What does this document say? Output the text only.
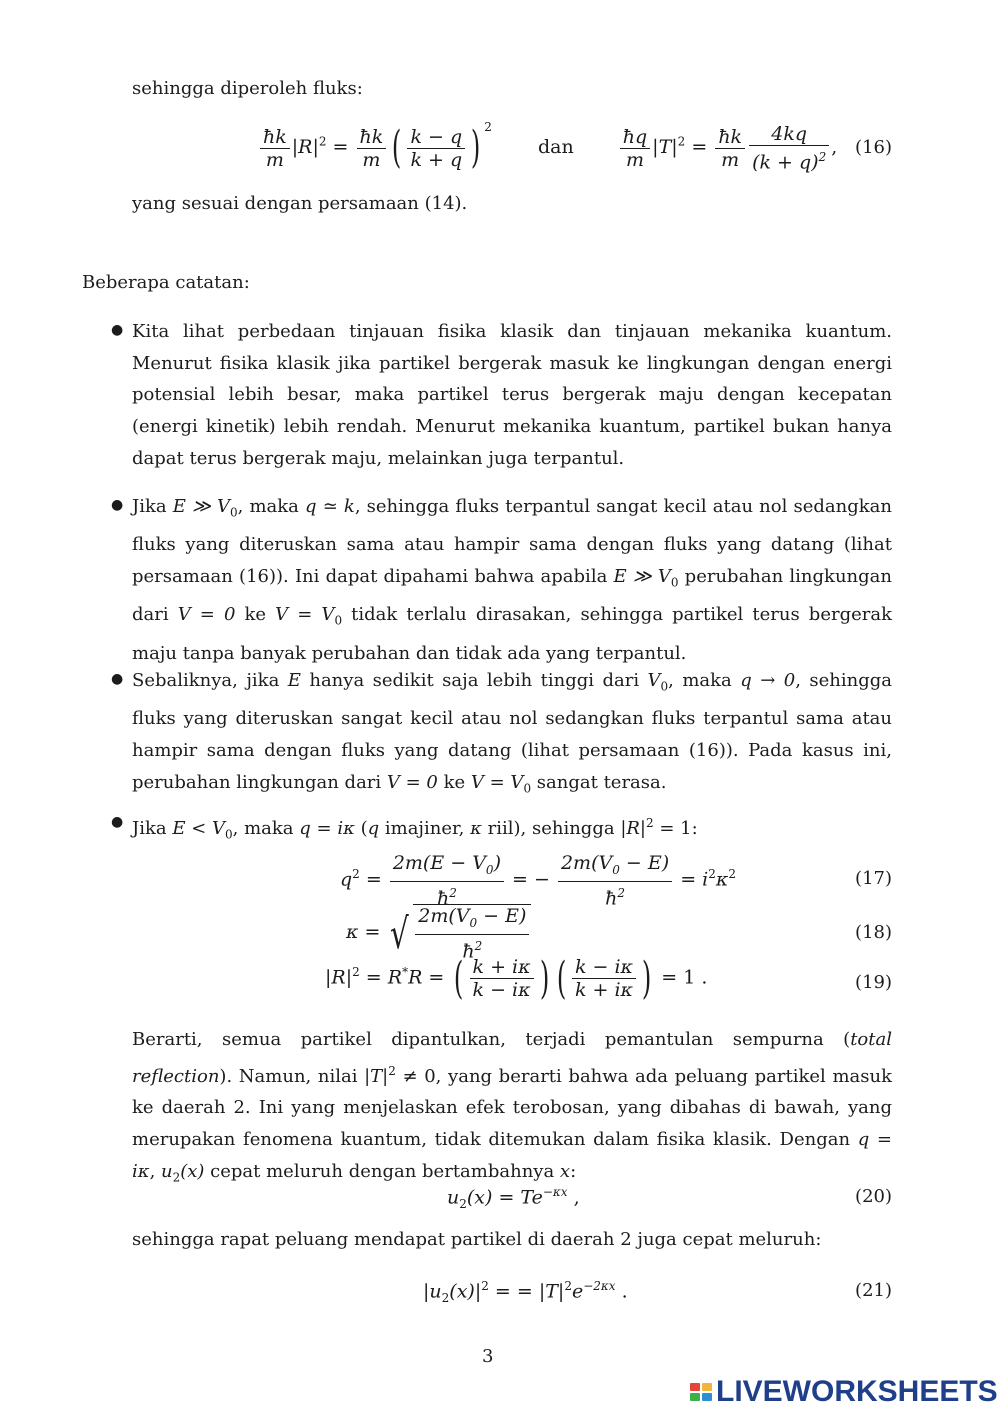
sehingga diperoleh fluks:
$\frac{ħk}{m} |R|^2 = \frac{ħk}{m}$ ( $\frac{k - q}{k + q}$ ) $^2$ dan $\frac{ħq}{m} |T|^2 = \frac{ħk}{m} \frac{4kq}{(k + q)^2}$ , (16)
yang sesuai dengan persamaan (14).
Beberapa catatan:
● Kita lihat perbedaan tinjauan fisika klasik dan tinjauan mekanika kuantum. Menurut fisika klasik jika partikel bergerak masuk ke lingkungan dengan energi potensial lebih besar, maka partikel terus bergerak maju dengan kecepatan (energi kinetik) lebih rendah. Menurut mekanika kuantum, partikel bukan hanya dapat terus bergerak maju, melainkan juga terpantul.
● Jika E ≫ $V_0$, maka q ≃ k, sehingga fluks terpantul sangat kecil atau nol sedangkan fluks yang diteruskan sama atau hampir sama dengan fluks yang datang (lihat persamaan (16)). Ini dapat dipahami bahwa apabila E ≫ $V_0$ perubahan lingkungan dari V = 0 ke $V = V_0$ tidak terlalu dirasakan, sehingga partikel terus bergerak maju tanpa banyak perubahan dan tidak ada yang terpantul.
● Sebaliknya, jika E hanya sedikit saja lebih tinggi dari $V_0$, maka q → 0, sehingga fluks yang diteruskan sangat kecil atau nol sedangkan fluks terpantul sama atau hampir sama dengan fluks yang datang (lihat persamaan (16)). Pada kasus ini, perubahan lingkungan dari V = 0 ke $V = V_0$ sangat terasa.
● Jika $E < V_0$, maka q = iκ (q imajiner, κ riil), sehingga $|R|^2 = 1$:
$q^2 = \frac{2m(E - V_0)}{ħ^2}$ = − $\frac{2m(V_0 - E)}{ħ^2} = i^2\kappa^2$	(17)
κ = √ $\frac{2m(V_0 - E)}{ħ^2}$	(18)
$|R|^2 = R^*R$ = ( $\frac{k + i\kappa}{k - i\kappa}$ ) ( $\frac{k - i\kappa}{k + i\kappa}$ ) = 1 .	(19)
Berarti, semua partikel dipantulkan, terjadi pemantulan sempurna (total reflection). Namun, nilai $|T|^2 \ne 0$, yang berarti bahwa ada peluang partikel masuk ke daerah 2. Ini yang menjelaskan efek terobosan, yang dibahas di bawah, yang merupakan fenomena kuantum, tidak ditemukan dalam fisika klasik. Dengan q = iκ, $u_2(x)$ cepat meluruh dengan bertambahnya x:
$u_2(x) = Te^{-\kappa x}$ ,	(20)
sehingga rapat peluang mendapat partikel di daerah 2 juga cepat meluruh:
$|u_2(x)|^2$ = = $|T|^2e^{-2\kappa x}$ .	(21)
3
LIVEWORKSHEETS
